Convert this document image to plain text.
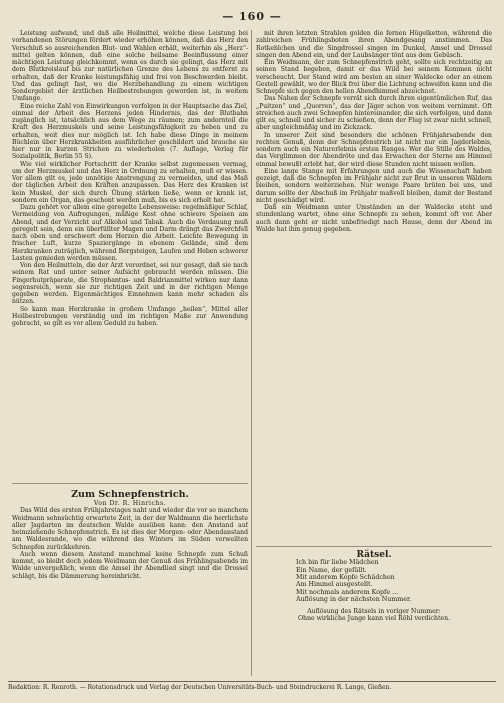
— 160 —

Leistung aufwand, und daß alle Heilmittel, welche diese Leistung bei vorhandenen Störungen fördert wieder erhöhen können, daß das Herz den Verschluß so ausreichenden Blut- und Wahlen erhält, weiterhin als „Herz“-mittel gelten können, daß eine solche heilsame Beeinflussung einer mächtigen Leistung gleichkommt, wenn es durch sie gelingt, das Herz mit dem Blutkreislauf bis zur natürlichen Grenze des Lebens zu entfernt zu erhalten, daß der Kranke leistungsfähig und frei von Beschwerden bleibt. Und das gelingt fast, wo die Herzbehandlung zu einem wichtigen Sondergebiet der ärztlichen Heilbestrebungen geworden ist, in weitem Umfange.

Eine reiche Zahl von Einwirkungen verfolgen in der Hauptsache das Ziel, einmal der Arbeit des Herzens jeden Hindernis, das der Blutbahn zugänglich ist, tatsächlich aus dem Wege zu räumen; zum andernteil die Kraft des Herzmuskels und seine Leistungsfähigkeit zu heben und zu erhalten, weit dies nur möglich ist. Ich habe diese Dinge in meinem Büchlein über Herzkrankheiten ausführlicher geschildert und brauche sie hier nur in kurzen Strichen zu wiederholen (7. Auflage, Verlag für Sozialpolitik, Berlin 55 S).

Wie viel wirklicher Fortschritt der Kranke selbst zugemessen vermag, um der Herzmuskel und das Herz in Ordnung zu erhalten, muß er wissen. Vor allem gilt es, jede unnötige Anstrengung zu vermeiden, und das Maß der täglichen Arbeit den Kräften anzupassen. Das Herz des Kranken ist kein Muskel, der sich durch Übung stärken ließe, wenn er krank ist, sondern ein Organ, das geschont werden muß, bis es sich erholt hat.

Dazu gehört vor allem eine geregelte Lebensweise: regelmäßiger Schlaf, Vermeidung von Aufregungen, mäßige Kost ohne schwere Speisen am Abend, und der Verzicht auf Alkohol und Tabak. Auch die Verdauung muß geregelt sein, denn ein überfüllter Magen und Darm drängt das Zwerchfell nach oben und erschwert dem Herzen die Arbeit. Leichte Bewegung in frischer Luft, kurze Spaziergänge in ebenem Gelände, sind dem Herzkranken zuträglich, während Bergsteigen, Laufen und Heben schwerer Lasten gemieden werden müssen.

Von den Heilmitteln, die der Arzt verordnet, sei nur gesagt, daß sie nach seinem Rat und unter seiner Aufsicht gebraucht werden müssen. Die Fingerhutpräparate, die Strophantus- und Baldrianmittel wirken nur dann segensreich, wenn sie zur richtigen Zeit und in der richtigen Menge gegeben werden. Eigenmächtiges Einnehmen kann mehr schaden als nützen.

So kann man Herzkranke in großem Umfange „heilen“, Mittel aller Heilbestrebungen verständig und im richtigen Maße zur Anwendung gebracht, so gilt es vor allem Geduld zu haben.

Zum Schnepfenstrich.

Von Dr. R. Hinrichs.

Das Wild des ersten Frühjahrstages naht und wieder die vor so manchem Weidmann sehnsüchtig erwartete Zeit, in der der Waldmann die herrlichste aller Jagdarten im deutschen Walde ausüben kann: den Anstand auf heimziehende Schnepfenstrich. Es ist dies der Morgen- oder Abendanstand am Waldesrande, wo die während des Winters im Süden verweilten Schnepfen zurückkehren.

Auch wenn diesem Anstand manchmal keine Schnepfe zum Schuß kommt, so bleibt doch jedem Weidmann der Genuß des Frühlingsabends im Walde unvergeßlich, wenn die Amsel ihr Abendlied singt und die Drossel schlägt, bis die Dämmerung hereinbricht.

mit ihren letzten Strahlen golden die fernen Hügelketten, während die zahlreichen Frühlingsboten ihren Abendgesang anstimmen. Das Rotkehlchen und die Singdrossel singen im Dunkel, Amsel und Drossel singen den Abend ein, und der Laubsänger tönt aus dem Gebüsch.

Ein Weidmann, der zum Schnepfenstrich geht, sollte sich rechtzeitig an seinen Stand begeben, damit er das Wild bei seinem Kommen nicht verscheucht. Der Stand wird am besten an einer Waldecke oder an einem Gestell gewählt, wo der Blick frei über die Lichtung schweifen kann und die Schnepfe sich gegen den hellen Abendhimmel abzeichnet.

Das Nahen der Schnepfe verrät sich durch ihren eigentümlichen Ruf, das „Puitzen“ und „Quorren“, das der Jäger schon von weitem vernimmt. Oft streichen auch zwei Schnepfen hintereinander, die sich verfolgen, und dann gilt es, schnell und sicher zu schießen, denn der Flug ist zwar nicht schnell, aber ungleichmäßig und im Zickzack.

In unserer Zeit sind besonders die schönen Frühjahrsabende den rechten Genuß, denn der Schnepfenstrich ist nicht nur ein Jagderlebnis, sondern auch ein Naturerlebnis ersten Ranges. Wer die Stille des Waldes, das Verglimmen der Abendröte und das Erwachen der Sterne am Himmel einmal bewußt erlebt hat, der wird diese Stunden nicht missen wollen.

Eine lange Stange mit Erfahrungen und auch die Wissenschaft haben gezeigt, daß die Schnepfen im Frühjahr nicht zur Brut in unseren Wäldern bleiben, sondern weiterziehen. Nur wenige Paare brüten bei uns, und darum sollte der Abschuß im Frühjahr maßvoll bleiben, damit der Bestand nicht geschädigt wird.

Daß ein Weidmann unter Umständen an der Waldecke steht und stundenlang wartet, ohne eine Schnepfe zu sehen, kommt oft vor. Aber auch dann geht er nicht unbefriedigt nach Hause, denn der Abend im Walde hat ihm genug gegeben.

Rätsel.

Ich bin für liebe Mädchen
Ein Name, der gefällt.
Mit anderem Kopfe Schädchen
Am Himmel ausgestellt.
Mit nochmals anderem Kopfe ...
Auflösung in der nächsten Nummer.
Auflösung des Rätsels in voriger Nummer:
Ohne wirkliche Junge kann viel Röhl verdichten.
Redaktion: R. Renroth. — Rotationsdruck und Verlag der Deutschen Universitäts-Buch- und Steindruckerei R. Lange, Gießen.
